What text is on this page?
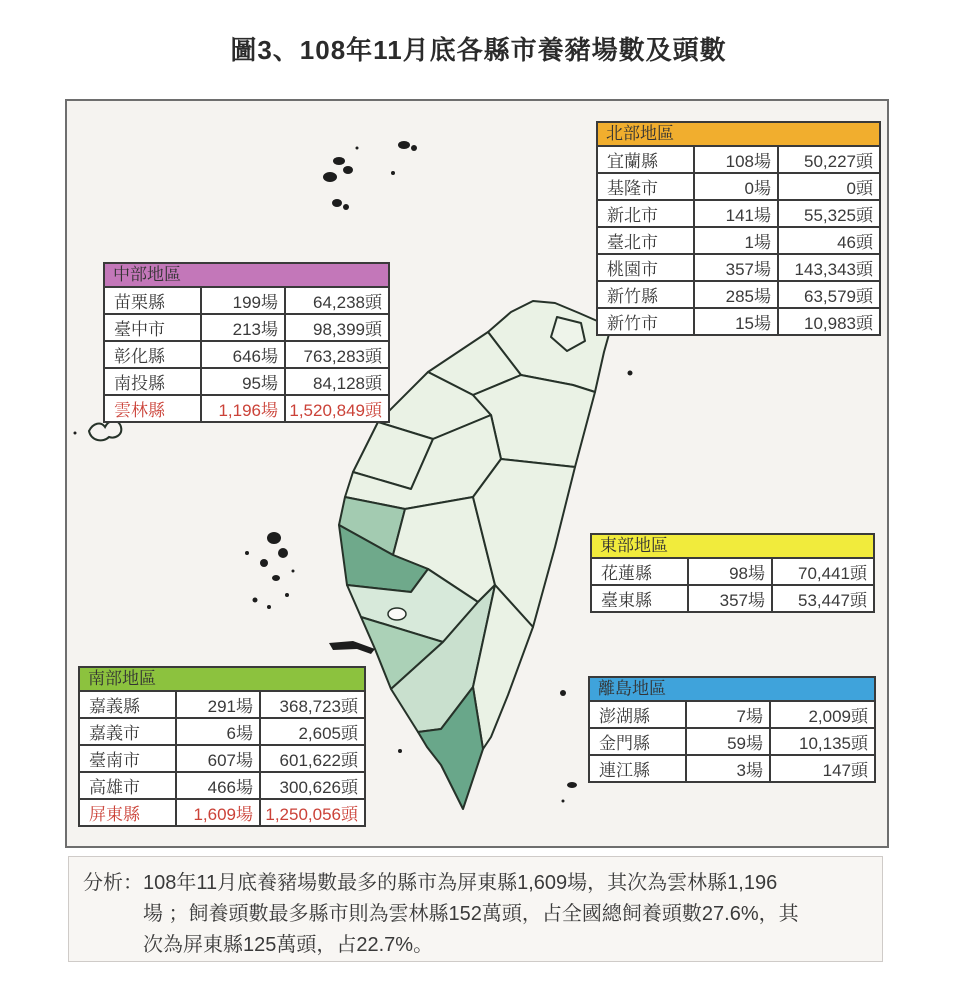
圖3、108年11月底各縣市養豬場數及頭數
北部地區
宜蘭縣	108場	50,227頭
基隆市	0場	0頭
新北市	141場	55,325頭
臺北市	1場	46頭
桃園市	357場	143,343頭
新竹縣	285場	63,579頭
新竹市	15場	10,983頭
中部地區
苗栗縣	199場	64,238頭
臺中市	213場	98,399頭
彰化縣	646場	763,283頭
南投縣	95場	84,128頭
雲林縣	1,196場	1,520,849頭
東部地區
花蓮縣	98場	70,441頭
臺東縣	357場	53,447頭
南部地區
嘉義縣	291場	368,723頭
嘉義市	6場	2,605頭
臺南市	607場	601,622頭
高雄市	466場	300,626頭
屏東縣	1,609場	1,250,056頭
離島地區
澎湖縣	7場	2,009頭
金門縣	59場	10,135頭
連江縣	3場	147頭
分析： 108年11月底養豬場數最多的縣市為屏東縣1,609場，其次為雲林縣1,196
場 ；飼養頭數最多縣市則為雲林縣152萬頭，占全國總飼養頭數27.6%，其
次為屏東縣125萬頭，占22.7%。
